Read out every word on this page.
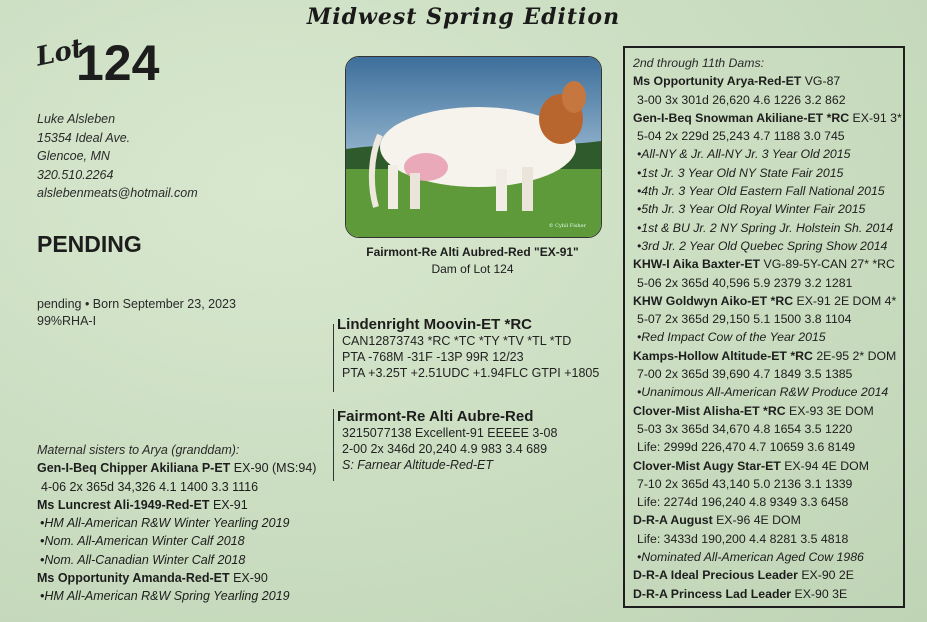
Midwest Spring Edition
Lot
124
Luke Alsleben
15354 Ideal Ave.
Glencoe, MN
320.510.2264
alslebenmeats@hotmail.com
PENDING
pending • Born September 23, 2023
99%RHA-I
© Cybil Fisher
Fairmont-Re Alti Aubred-Red "EX-91"
Dam of Lot 124
Lindenright Moovin-ET *RC
CAN12873743 *RC *TC *TY *TV *TL *TD
PTA -768M -31F -13P 99R 12/23
PTA +3.25T +2.51UDC +1.94FLC GTPI +1805
Fairmont-Re Alti Aubre-Red
3215077138 Excellent-91 EEEEE 3-08
2-00 2x 346d 20,240 4.9 983 3.4 689
S: Farnear Altitude-Red-ET
Maternal sisters to Arya (granddam):
Gen-I-Beq Chipper Akiliana P-ET EX-90 (MS:94)
4-06 2x 365d 34,326 4.1 1400 3.3 1116
Ms Luncrest Ali-1949-Red-ET EX-91
•HM All-American R&W Winter Yearling 2019
•Nom. All-American Winter Calf 2018
•Nom. All-Canadian Winter Calf 2018
Ms Opportunity Amanda-Red-ET EX-90
•HM All-American R&W Spring Yearling 2019
2nd through 11th Dams:
Ms Opportunity Arya-Red-ET VG-87
3-00 3x 301d 26,620 4.6 1226 3.2 862
Gen-I-Beq Snowman Akiliane-ET *RC EX-91 3*
5-04 2x 229d 25,243 4.7 1188 3.0 745
•All-NY & Jr. All-NY Jr. 3 Year Old 2015
•1st Jr. 3 Year Old NY State Fair 2015
•4th Jr. 3 Year Old Eastern Fall National 2015
•5th Jr. 3 Year Old Royal Winter Fair 2015
•1st & BU Jr. 2 NY Spring Jr. Holstein Sh. 2014
•3rd Jr. 2 Year Old Quebec Spring Show 2014
KHW-I Aika Baxter-ET VG-89-5Y-CAN 27* *RC
5-06 2x 365d 40,596 5.9 2379 3.2 1281
KHW Goldwyn Aiko-ET *RC EX-91 2E DOM 4*
5-07 2x 365d 29,150 5.1 1500 3.8 1104
•Red Impact Cow of the Year 2015
Kamps-Hollow Altitude-ET *RC 2E-95 2* DOM
7-00 2x 365d 39,690 4.7 1849 3.5 1385
•Unanimous All-American R&W Produce 2014
Clover-Mist Alisha-ET *RC EX-93 3E DOM
5-03 3x 365d 34,670 4.8 1654 3.5 1220
Life: 2999d 226,470 4.7 10659 3.6 8149
Clover-Mist Augy Star-ET EX-94 4E DOM
7-10 2x 365d 43,140 5.0 2136 3.1 1339
Life: 2274d 196,240 4.8 9349 3.3 6458
D-R-A August EX-96 4E DOM
Life: 3433d 190,200 4.4 8281 3.5 4818
•Nominated All-American Aged Cow 1986
D-R-A Ideal Precious Leader EX-90 2E
D-R-A Princess Lad Leader EX-90 3E
